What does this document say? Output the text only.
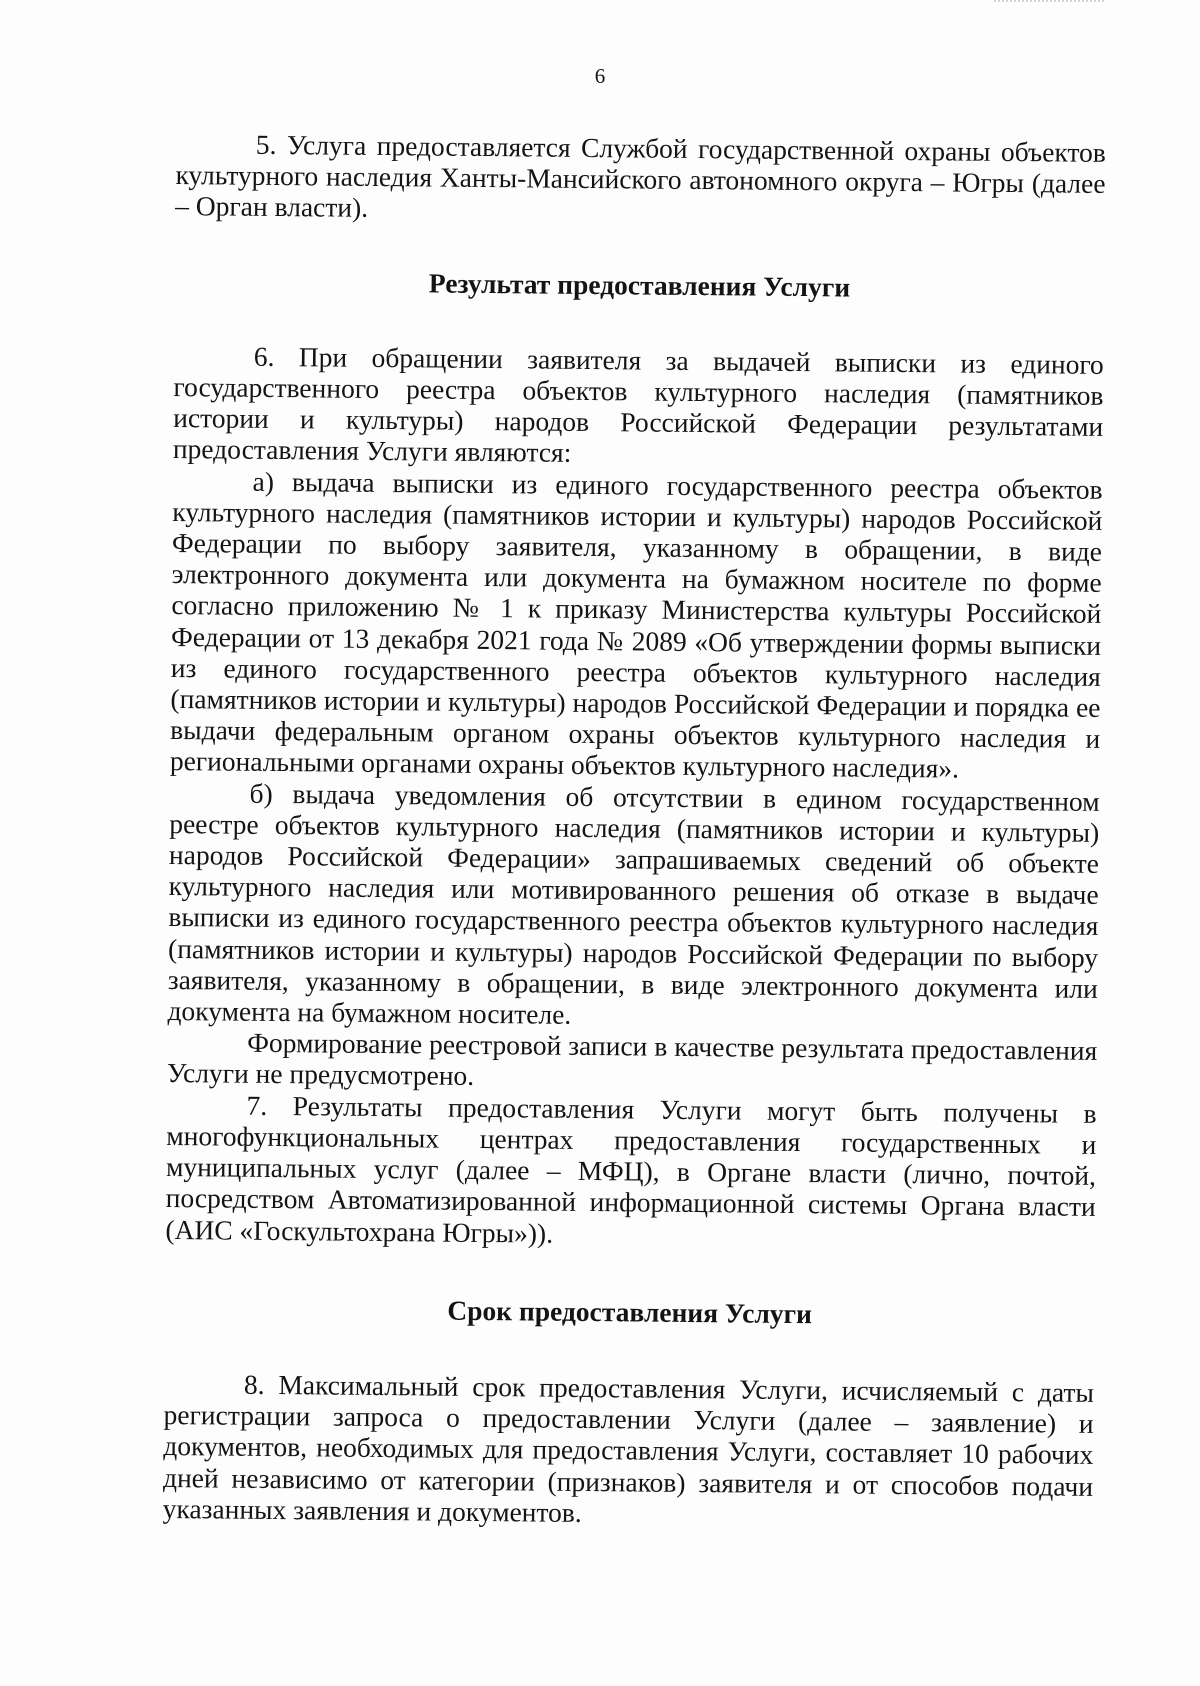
6

5. Услуга предоставляется Службой государственной охраны объектов культурного наследия Ханты-Мансийского автономного округа – Югры (далее – Орган власти).

Результат предоставления Услуги

6. При обращении заявителя за выдачей выписки из единого государственного реестра объектов культурного наследия (памятников истории и культуры) народов Российской Федерации результатами предоставления Услуги являются:

а) выдача выписки из единого государственного реестра объектов культурного наследия (памятников истории и культуры) народов Российской Федерации по выбору заявителя, указанному в обращении, в виде электронного документа или документа на бумажном носителе по форме согласно приложению № 1 к приказу Министерства культуры Российской Федерации от 13 декабря 2021 года № 2089 «Об утверждении формы выписки из единого государственного реестра объектов культурного наследия (памятников истории и культуры) народов Российской Федерации и порядка ее выдачи федеральным органом охраны объектов культурного наследия и региональными органами охраны объектов культурного наследия».

б) выдача уведомления об отсутствии в едином государственном реестре объектов культурного наследия (памятников истории и культуры) народов Российской Федерации» запрашиваемых сведений об объекте культурного наследия или мотивированного решения об отказе в выдаче выписки из единого государственного реестра объектов культурного наследия (памятников истории и культуры) народов Российской Федерации по выбору заявителя, указанному в обращении, в виде электронного документа или документа на бумажном носителе.

Формирование реестровой записи в качестве результата предоставления Услуги не предусмотрено.

7. Результаты предоставления Услуги могут быть получены в многофункциональных центрах предоставления государственных и муниципальных услуг (далее – МФЦ), в Органе власти (лично, почтой, посредством Автоматизированной информационной системы Органа власти (АИС «Госкультохрана Югры»)).

Срок предоставления Услуги

8. Максимальный срок предоставления Услуги, исчисляемый с даты регистрации запроса о предоставлении Услуги (далее – заявление) и документов, необходимых для предоставления Услуги, составляет 10 рабочих дней независимо от категории (признаков) заявителя и от способов подачи указанных заявления и документов.
